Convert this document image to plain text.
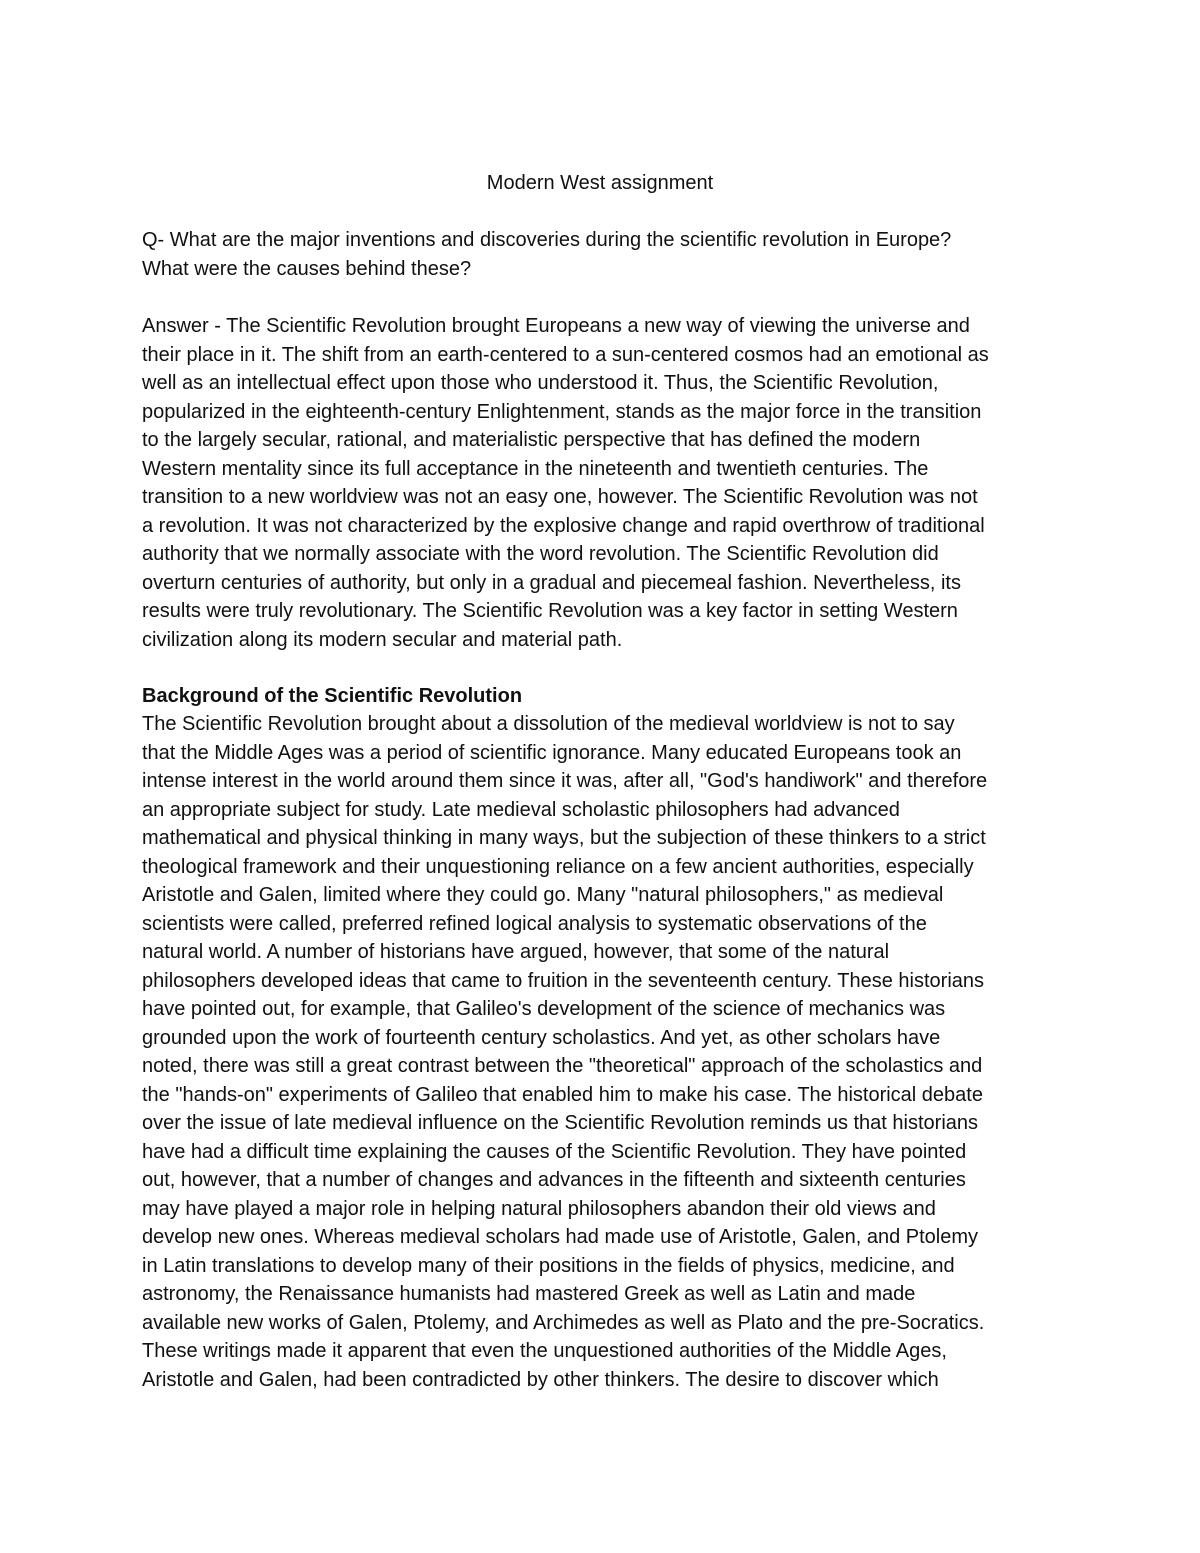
Modern West assignment

Q- What are the major inventions and discoveries during the scientific revolution in Europe?
What were the causes behind these?

Answer - The Scientific Revolution brought Europeans a new way of viewing the universe and
their place in it. The shift from an earth-centered to a sun-centered cosmos had an emotional as
well as an intellectual effect upon those who understood it. Thus, the Scientific Revolution,
popularized in the eighteenth-century Enlightenment, stands as the major force in the transition
to the largely secular, rational, and materialistic perspective that has defined the modern
Western mentality since its full acceptance in the nineteenth and twentieth centuries. The
transition to a new worldview was not an easy one, however. The Scientific Revolution was not
a revolution. It was not characterized by the explosive change and rapid overthrow of traditional
authority that we normally associate with the word revolution. The Scientific Revolution did
overturn centuries of authority, but only in a gradual and piecemeal fashion. Nevertheless, its
results were truly revolutionary. The Scientific Revolution was a key factor in setting Western
civilization along its modern secular and material path.

Background of the Scientific Revolution

The Scientific Revolution brought about a dissolution of the medieval worldview is not to say
that the Middle Ages was a period of scientific ignorance. Many educated Europeans took an
intense interest in the world around them since it was, after all, "God's handiwork" and therefore
an appropriate subject for study. Late medieval scholastic philosophers had advanced
mathematical and physical thinking in many ways, but the subjection of these thinkers to a strict
theological framework and their unquestioning reliance on a few ancient authorities, especially
Aristotle and Galen, limited where they could go. Many "natural philosophers," as medieval
scientists were called, preferred refined logical analysis to systematic observations of the
natural world. A number of historians have argued, however, that some of the natural
philosophers developed ideas that came to fruition in the seventeenth century. These historians
have pointed out, for example, that Galileo's development of the science of mechanics was
grounded upon the work of fourteenth century scholastics. And yet, as other scholars have
noted, there was still a great contrast between the "theoretical" approach of the scholastics and
the "hands-on" experiments of Galileo that enabled him to make his case. The historical debate
over the issue of late medieval influence on the Scientific Revolution reminds us that historians
have had a difficult time explaining the causes of the Scientific Revolution. They have pointed
out, however, that a number of changes and advances in the fifteenth and sixteenth centuries
may have played a major role in helping natural philosophers abandon their old views and
develop new ones. Whereas medieval scholars had made use of Aristotle, Galen, and Ptolemy
in Latin translations to develop many of their positions in the fields of physics, medicine, and
astronomy, the Renaissance humanists had mastered Greek as well as Latin and made
available new works of Galen, Ptolemy, and Archimedes as well as Plato and the pre-Socratics.
These writings made it apparent that even the unquestioned authorities of the Middle Ages,
Aristotle and Galen, had been contradicted by other thinkers. The desire to discover which
